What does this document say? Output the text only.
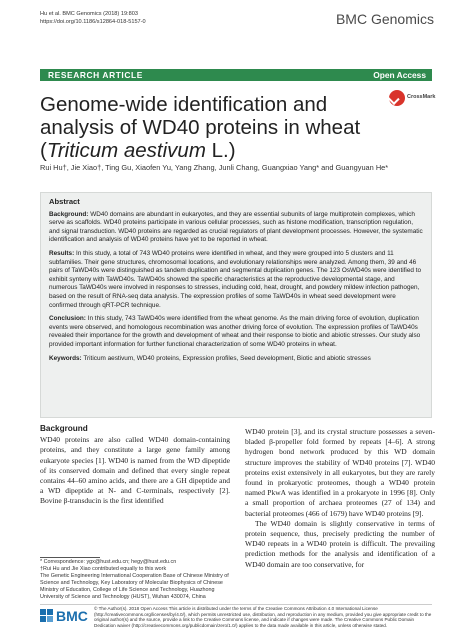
Hu et al. BMC Genomics (2018) 19:803
https://doi.org/10.1186/s12864-018-5157-0	BMC Genomics
RESEARCH ARTICLE	Open Access
CrossMark
Genome-wide identification and analysis of WD40 proteins in wheat (Triticum aestivum L.)
Rui Hu†, Jie Xiao†, Ting Gu, Xiaofen Yu, Yang Zhang, Junli Chang, Guangxiao Yang* and Guangyuan He*
Abstract

Background: WD40 domains are abundant in eukaryotes, and they are essential subunits of large multiprotein complexes, which serve as scaffolds. WD40 proteins participate in various cellular processes, such as histone modification, transcription regulation, and signal transduction. WD40 proteins are regarded as crucial regulators of plant development processes. However, the systematic identification and analysis of WD40 proteins have yet to be reported in wheat.

Results: In this study, a total of 743 WD40 proteins were identified in wheat, and they were grouped into 5 clusters and 11 subfamilies. Their gene structures, chromosomal locations, and evolutionary relationships were analyzed. Among them, 39 and 46 pairs of TaWD40s were distinguished as tandem duplication and segmental duplication genes. The 123 OsWD40s were identified to exhibit synteny with TaWD40s. TaWD40s showed the specific characteristics at the reproductive developmental stage, and numerous TaWD40s were involved in responses to stresses, including cold, heat, drought, and powdery mildew infection pathogen, based on the result of RNA-seq data analysis. The expression profiles of some TaWD40s in wheat seed development were confirmed through qRT-PCR technique.

Conclusion: In this study, 743 TaWD40s were identified from the wheat genome. As the main driving force of evolution, duplication events were observed, and homologous recombination was another driving force of evolution. The expression profiles of TaWD40s revealed their importance for the growth and development of wheat and their response to biotic and abiotic stresses. Our study also provided important information for further functional characterization of some WD40 proteins in wheat.

Keywords: Triticum aestivum, WD40 proteins, Expression profiles, Seed development, Biotic and abiotic stresses

Background

WD40 proteins are also called WD40 domain-containing proteins, and they constitute a large gene family among eukaryote species [1]. WD40 is named from the WD dipeptide of its conserved domain and defined that every single repeat contains 44–60 amino acids, and there are a GH dipeptide and a WD dipeptide at N- and C-terminals, respectively [2]. Bovine β-transducin is the first identified

WD40 protein [3], and its crystal structure possesses a seven-bladed β-propeller fold formed by repeats [4–6]. A strong hydrogen bond network produced by this WD domain structure improves the stability of WD40 proteins [7]. WD40 proteins exist extensively in all eukaryotes, but they are rarely found in prokaryotic proteomes, though a WD40 protein named PkwA was identified in a prokaryote in 1996 [8]. Only a small proportion of archaea proteomes (27 of 134) and bacterial proteomes (466 of 1679) have WD40 proteins [9].

The WD40 domain is slightly conservative in terms of protein sequence, thus, precisely predicting the number of WD40 repeats in a WD40 protein is difficult. The prevailing prediction methods for the analysis and identification of a WD40 domain are too conservative, for

* Correspondence: ygx@hust.edu.cn; hegy@hust.edu.cn
†Rui Hu and Jie Xiao contributed equally to this work
The Genetic Engineering International Cooperation Base of Chinese Ministry of Science and Technology, Key Laboratory of Molecular Biophysics of Chinese Ministry of Education, College of Life Science and Technology, Huazhong University of Science and Technology (HUST), Wuhan 430074, China
BMC © The Author(s). 2018 Open Access This article is distributed under the terms of the Creative Commons Attribution 4.0 International License (http://creativecommons.org/licenses/by/4.0/), which permits unrestricted use, distribution, and reproduction in any medium, provided you give appropriate credit to the original author(s) and the source, provide a link to the Creative Commons license, and indicate if changes were made. The Creative Commons Public Domain Dedication waiver (http://creativecommons.org/publicdomain/zero/1.0/) applies to the data made available in this article, unless otherwise stated.
